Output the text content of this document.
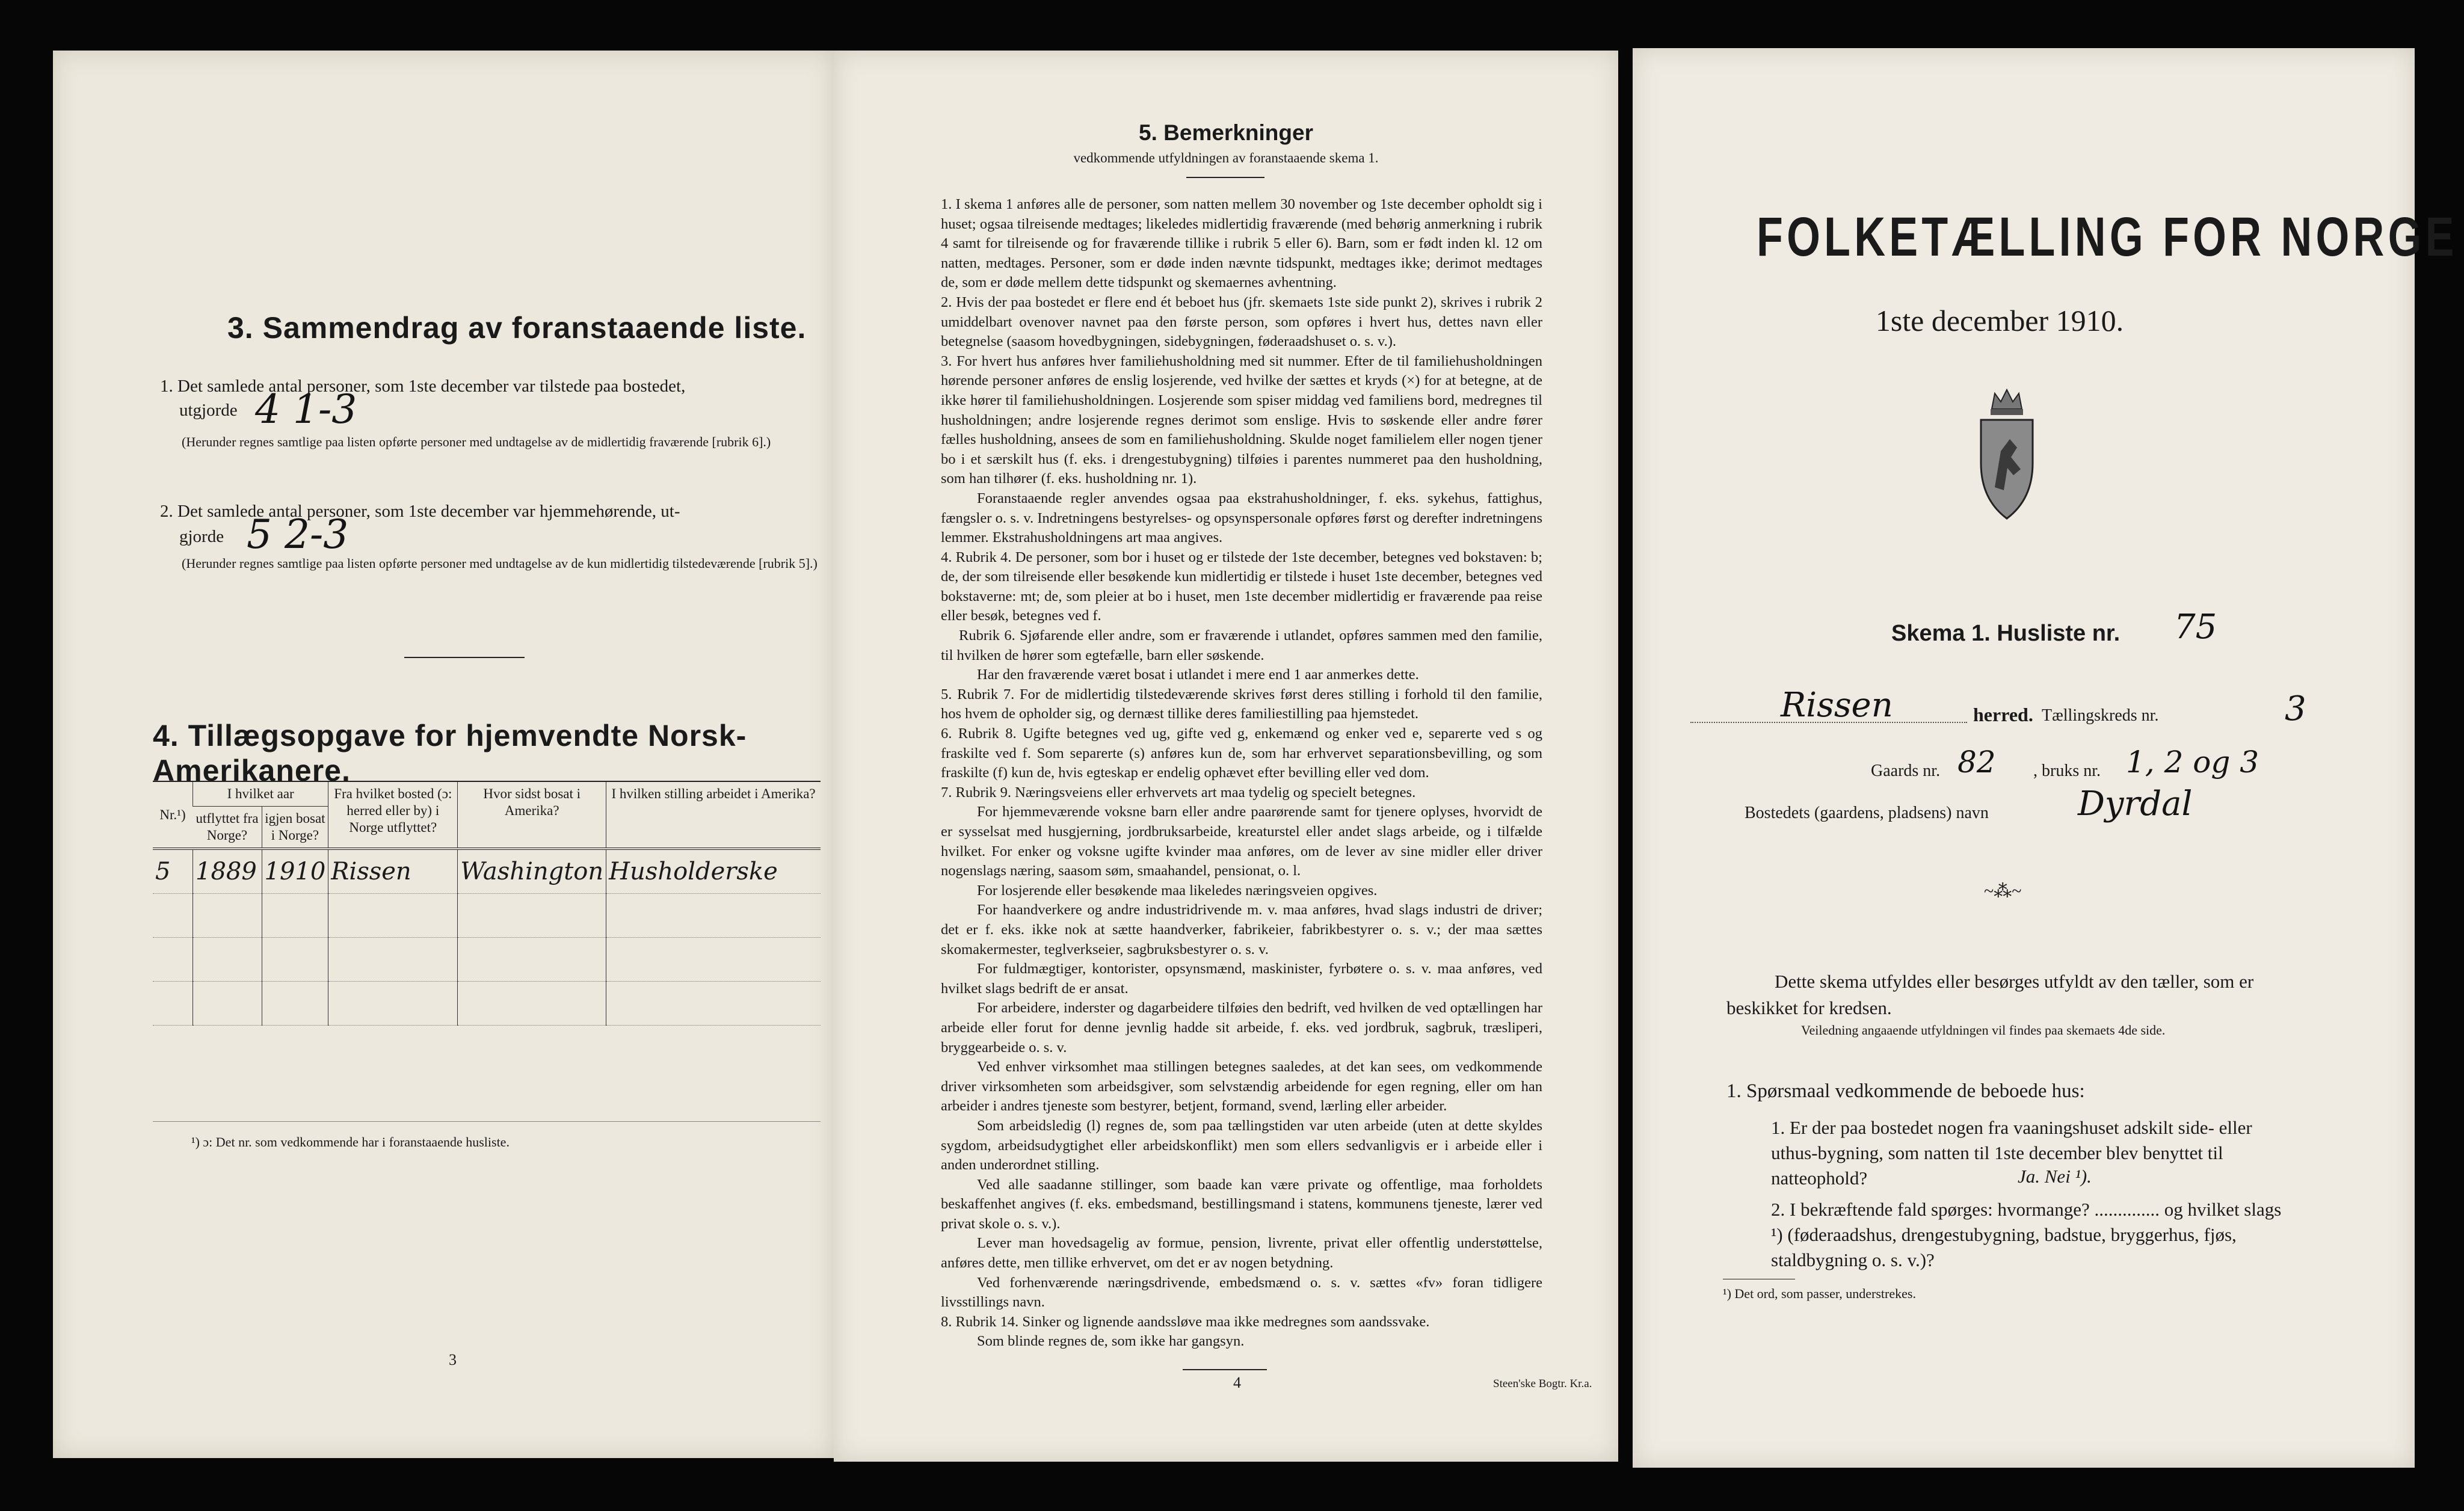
3. Sammendrag av foranstaaende liste.
1. Det samlede antal personer, som 1ste december var tilstede paa bostedet,
utgjorde 4 1-3
(Herunder regnes samtlige paa listen opførte personer med undtagelse av de midlertidig fraværende [rubrik 6].)
2. Det samlede antal personer, som 1ste december var hjemmehørende, ut-
gjorde 5 2-3
(Herunder regnes samtlige paa listen opførte personer med undtagelse av de kun midlertidig tilstedeværende [rubrik 5].)
4. Tillægsopgave for hjemvendte Norsk-Amerikanere.
Nr.¹)	I hvilket aar		Fra hvilket bosted (ɔ: herred eller by) i Norge utflyttet?	Hvor sidst bosat i Amerika?	I hvilken stilling arbeidet i Amerika?
	utflyttet fra Norge?	igjen bosat i Norge?			
5	1889	1910	Rissen	Washington	Husholderske

¹) ɔ: Det nr. som vedkommende har i foranstaaende husliste.
3
5. Bemerkninger
vedkommende utfyldningen av foranstaaende skema 1.

1. I skema 1 anføres alle de personer, som natten mellem 30 november og 1ste december opholdt sig i huset; ogsaa tilreisende medtages; likeledes midlertidig fraværende (med behørig anmerkning i rubrik 4 samt for tilreisende og for fraværende tillike i rubrik 5 eller 6). Barn, som er født inden kl. 12 om natten, medtages. Personer, som er døde inden nævnte tidspunkt, medtages ikke; derimot medtages de, som er døde mellem dette tidspunkt og skemaernes avhentning.

2. Hvis der paa bostedet er flere end ét beboet hus (jfr. skemaets 1ste side punkt 2), skrives i rubrik 2 umiddelbart ovenover navnet paa den første person, som opføres i hvert hus, dettes navn eller betegnelse (saasom hovedbygningen, sidebygningen, føderaadshuset o. s. v.).

3. For hvert hus anføres hver familiehusholdning med sit nummer. Efter de til familiehusholdningen hørende personer anføres de enslig losjerende, ved hvilke der sættes et kryds (×) for at betegne, at de ikke hører til familiehusholdningen. Losjerende som spiser middag ved familiens bord, medregnes til husholdningen; andre losjerende regnes derimot som enslige. Hvis to søskende eller andre fører fælles husholdning, ansees de som en familiehusholdning. Skulde noget familielem eller nogen tjener bo i et særskilt hus (f. eks. i drengestubygning) tilføies i parentes nummeret paa den husholdning, som han tilhører (f. eks. husholdning nr. 1).

Foranstaaende regler anvendes ogsaa paa ekstrahusholdninger, f. eks. sykehus, fattighus, fængsler o. s. v. Indretningens bestyrelses- og opsynspersonale opføres først og derefter indretningens lemmer. Ekstrahusholdningens art maa angives.

4. Rubrik 4. De personer, som bor i huset og er tilstede der 1ste december, betegnes ved bokstaven: b; de, der som tilreisende eller besøkende kun midlertidig er tilstede i huset 1ste december, betegnes ved bokstaverne: mt; de, som pleier at bo i huset, men 1ste december midlertidig er fraværende paa reise eller besøk, betegnes ved f.

Rubrik 6. Sjøfarende eller andre, som er fraværende i utlandet, opføres sammen med den familie, til hvilken de hører som egtefælle, barn eller søskende.

Har den fraværende været bosat i utlandet i mere end 1 aar anmerkes dette.

5. Rubrik 7. For de midlertidig tilstedeværende skrives først deres stilling i forhold til den familie, hos hvem de opholder sig, og dernæst tillike deres familiestilling paa hjemstedet.

6. Rubrik 8. Ugifte betegnes ved ug, gifte ved g, enkemænd og enker ved e, separerte ved s og fraskilte ved f. Som separerte (s) anføres kun de, som har erhvervet separationsbevilling, og som fraskilte (f) kun de, hvis egteskap er endelig ophævet efter bevilling eller ved dom.

7. Rubrik 9. Næringsveiens eller erhvervets art maa tydelig og specielt betegnes.

For hjemmeværende voksne barn eller andre paarørende samt for tjenere oplyses, hvorvidt de er sysselsat med husgjerning, jordbruksarbeide, kreaturstel eller andet slags arbeide, og i tilfælde hvilket. For enker og voksne ugifte kvinder maa anføres, om de lever av sine midler eller driver nogenslags næring, saasom søm, smaahandel, pensionat, o. l.

For losjerende eller besøkende maa likeledes næringsveien opgives.

For haandverkere og andre industridrivende m. v. maa anføres, hvad slags industri de driver; det er f. eks. ikke nok at sætte haandverker, fabrikeier, fabrikbestyrer o. s. v.; der maa sættes skomakermester, teglverkseier, sagbruksbestyrer o. s. v.

For fuldmægtiger, kontorister, opsynsmænd, maskinister, fyrbøtere o. s. v. maa anføres, ved hvilket slags bedrift de er ansat.

For arbeidere, inderster og dagarbeidere tilføies den bedrift, ved hvilken de ved optællingen har arbeide eller forut for denne jevnlig hadde sit arbeide, f. eks. ved jordbruk, sagbruk, træsliperi, bryggearbeide o. s. v.

Ved enhver virksomhet maa stillingen betegnes saaledes, at det kan sees, om vedkommende driver virksomheten som arbeidsgiver, som selvstændig arbeidende for egen regning, eller om han arbeider i andres tjeneste som bestyrer, betjent, formand, svend, lærling eller arbeider.

Som arbeidsledig (l) regnes de, som paa tællingstiden var uten arbeide (uten at dette skyldes sygdom, arbeidsudygtighet eller arbeidskonflikt) men som ellers sedvanligvis er i arbeide eller i anden underordnet stilling.

Ved alle saadanne stillinger, som baade kan være private og offentlige, maa forholdets beskaffenhet angives (f. eks. embedsmand, bestillingsmand i statens, kommunens tjeneste, lærer ved privat skole o. s. v.).

Lever man hovedsagelig av formue, pension, livrente, privat eller offentlig understøttelse, anføres dette, men tillike erhvervet, om det er av nogen betydning.

Ved forhenværende næringsdrivende, embedsmænd o. s. v. sættes «fv» foran tidligere livsstillings navn.

8. Rubrik 14. Sinker og lignende aandssløve maa ikke medregnes som aandssvake.

Som blinde regnes de, som ikke har gangsyn.

4	Steen'ske Bogtr. Kr.a.
FOLKETÆLLING FOR NORGE
1ste december 1910.
Skema 1. Husliste nr. 75
Rissen	herred. Tællingskreds nr.	3
Gaards nr. 82 , bruks nr. 1, 2 og 3
Bostedets (gaardens, pladsens) navn	Dyrdal
~⁂~
Dette skema utfyldes eller besørges utfyldt av den tæller, som er beskikket for kredsen.
Veiledning angaaende utfyldningen vil findes paa skemaets 4de side.
1. Spørsmaal vedkommende de beboede hus:
1. Er der paa bostedet nogen fra vaaningshuset adskilt side- eller uthus-bygning, som natten til 1ste december blev benyttet til natteophold?	Ja. Nei ¹).
2. I bekræftende fald spørges: hvormange? .............. og hvilket slags ¹) (føderaadshus, drengestubygning, badstue, bryggerhus, fjøs, staldbygning o. s. v.)?
¹) Det ord, som passer, understrekes.
